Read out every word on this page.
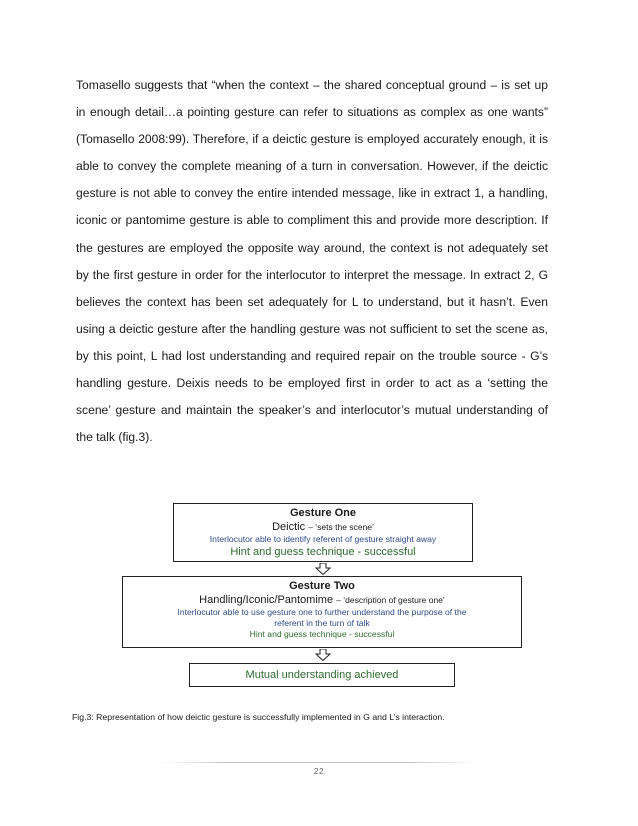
Tomasello suggests that “when the context – the shared conceptual ground – is set up in enough detail…a pointing gesture can refer to situations as complex as one wants” (Tomasello 2008:99). Therefore, if a deictic gesture is employed accurately enough, it is able to convey the complete meaning of a turn in conversation. However, if the deictic gesture is not able to convey the entire intended message, like in extract 1, a handling, iconic or pantomime gesture is able to compliment this and provide more description. If the gestures are employed the opposite way around, the context is not adequately set by the first gesture in order for the interlocutor to interpret the message. In extract 2, G believes the context has been set adequately for L to understand, but it hasn’t. Even using a deictic gesture after the handling gesture was not sufficient to set the scene as, by this point, L had lost understanding and required repair on the trouble source - G’s handling gesture. Deixis needs to be employed first in order to act as a ‘setting the scene’ gesture and maintain the speaker’s and interlocutor’s mutual understanding of the talk (fig.3).

Gesture One
Deictic – ‘sets the scene’
Interlocutor able to identify referent of gesture straight away
Hint and guess technique - successful
Gesture Two
Handling/Iconic/Pantomime – ‘description of gesture one’
Interlocutor able to use gesture one to further understand the purpose of the
referent in the turn of talk
Hint and guess technique - successful
Mutual understanding achieved

Fig.3: Representation of how deictic gesture is successfully implemented in G and L’s interaction.

22
